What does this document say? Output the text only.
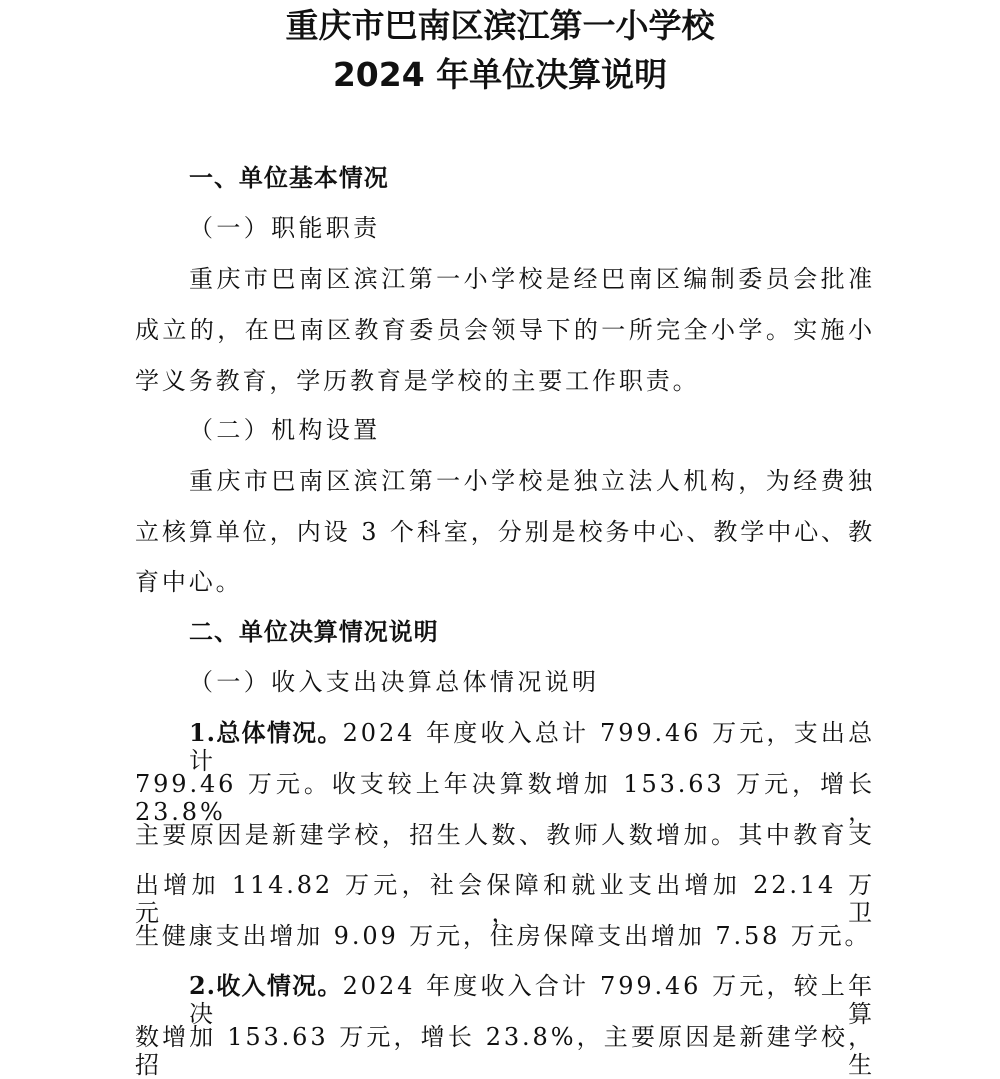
重庆市巴南区滨江第一小学校
2024 年单位决算说明
一、单位基本情况
（一）职能职责
重庆市巴南区滨江第一小学校是经巴南区编制委员会批准
成立的，在巴南区教育委员会领导下的一所完全小学。实施小
学义务教育，学历教育是学校的主要工作职责。
（二）机构设置
重庆市巴南区滨江第一小学校是独立法人机构，为经费独
立核算单位，内设 3 个科室，分别是校务中心、教学中心、教
育中心。
二、单位决算情况说明
（一）收入支出决算总体情况说明
1.总体情况。2024 年度收入总计 799.46 万元，支出总计
799.46 万元。收支较上年决算数增加 153.63 万元，增长 23.8%，
主要原因是新建学校，招生人数、教师人数增加。其中教育支
出增加 114.82 万元，社会保障和就业支出增加 22.14 万元，卫
生健康支出增加 9.09 万元，住房保障支出增加 7.58 万元。
2.收入情况。2024 年度收入合计 799.46 万元，较上年决算
数增加 153.63 万元，增长 23.8%，主要原因是新建学校，招生
